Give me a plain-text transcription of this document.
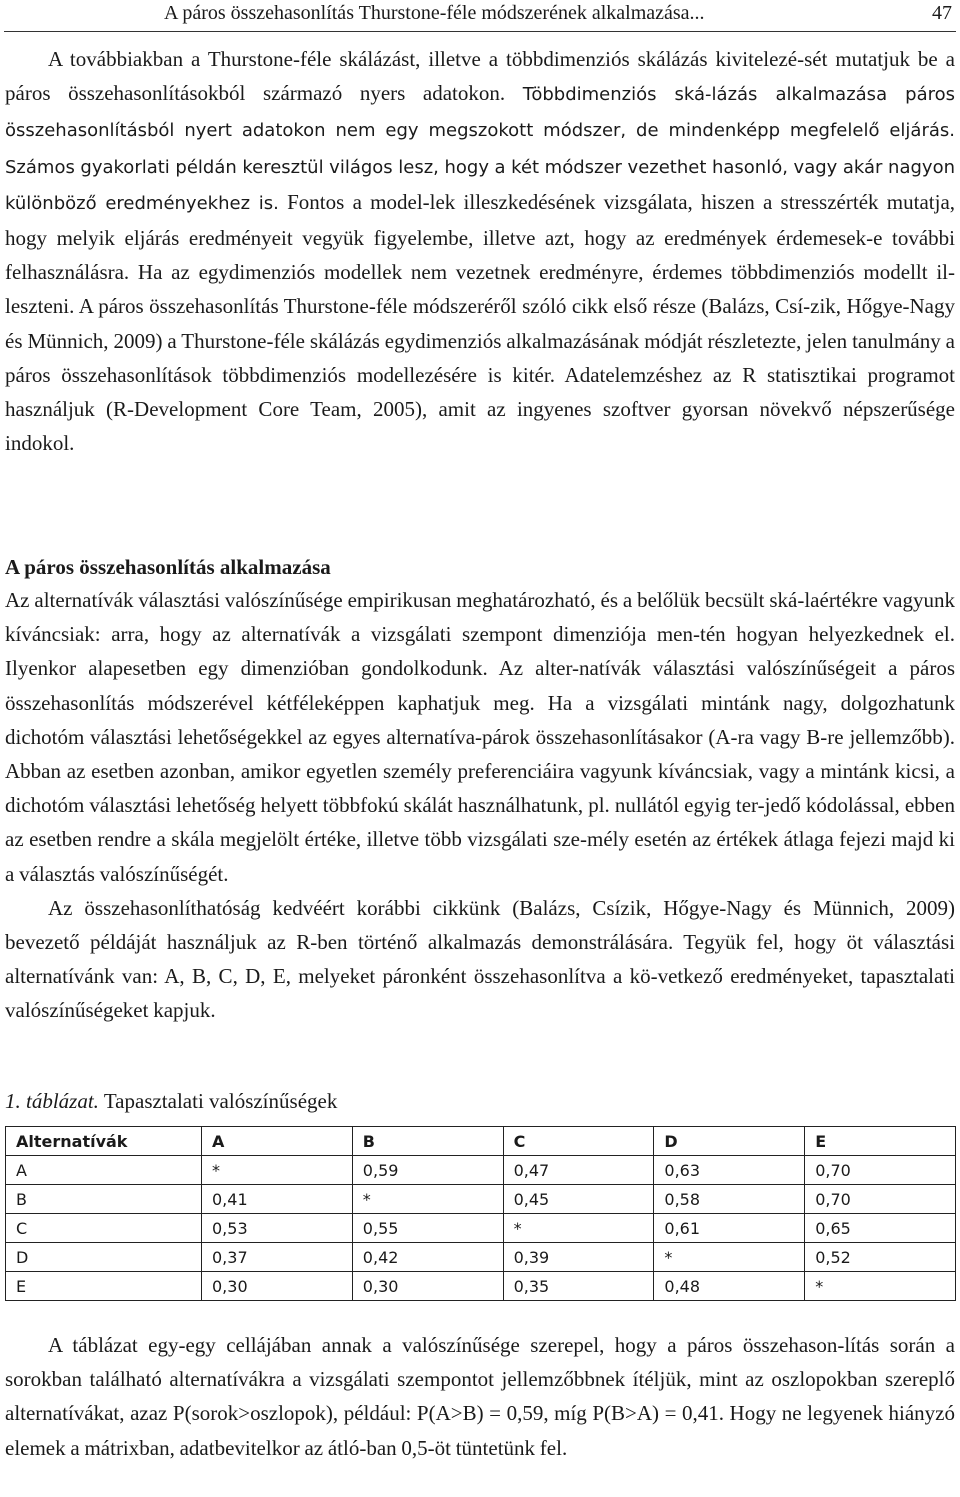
A páros összehasonlítás Thurstone-féle módszerének alkalmazása...	47

A továbbiakban a Thurstone-féle skálázást, illetve a többdimenziós skálázás kivitelezé-sét mutatjuk be a páros összehasonlításokból származó nyers adatokon. Többdimenziós ská-lázás alkalmazása páros összehasonlításból nyert adatokon nem egy megszokott módszer, de mindenképp megfelelő eljárás. Számos gyakorlati példán keresztül világos lesz, hogy a két módszer vezethet hasonló, vagy akár nagyon különböző eredményekhez is. Fontos a model-lek illeszkedésének vizsgálata, hiszen a stresszérték mutatja, hogy melyik eljárás eredményeit vegyük figyelembe, illetve azt, hogy az eredmények érdemesek-e további felhasználásra. Ha az egydimenziós modellek nem vezetnek eredményre, érdemes többdimenziós modellt il-leszteni. A páros összehasonlítás Thurstone-féle módszeréről szóló cikk első része (Balázs, Csí-zik, Hőgye-Nagy és Münnich, 2009) a Thurstone-féle skálázás egydimenziós alkalmazásának módját részletezte, jelen tanulmány a páros összehasonlítások többdimenziós modellezésére is kitér. Adatelemzéshez az R statisztikai programot használjuk (R-Development Core Team, 2005), amit az ingyenes szoftver gyorsan növekvő népszerűsége indokol.

A páros összehasonlítás alkalmazása

Az alternatívák választási valószínűsége empirikusan meghatározható, és a belőlük becsült ská-laértékre vagyunk kíváncsiak: arra, hogy az alternatívák a vizsgálati szempont dimenziója men-tén hogyan helyezkednek el. Ilyenkor alapesetben egy dimenzióban gondolkodunk. Az alter-natívák választási valószínűségeit a páros összehasonlítás módszerével kétféleképpen kaphatjuk meg. Ha a vizsgálati mintánk nagy, dolgozhatunk dichotóm választási lehetőségekkel az egyes alternatíva-párok összehasonlításakor (A-ra vagy B-re jellemzőbb). Abban az esetben azonban, amikor egyetlen személy preferenciáira vagyunk kíváncsiak, vagy a mintánk kicsi, a dichotóm választási lehetőség helyett többfokú skálát használhatunk, pl. nullától egyig ter-jedő kódolással, ebben az esetben rendre a skála megjelölt értéke, illetve több vizsgálati sze-mély esetén az értékek átlaga fejezi majd ki a választás valószínűségét.

Az összehasonlíthatóság kedvéért korábbi cikkünk (Balázs, Csízik, Hőgye-Nagy és Münnich, 2009) bevezető példáját használjuk az R-ben történő alkalmazás demonstrálására. Tegyük fel, hogy öt választási alternatívánk van: A, B, C, D, E, melyeket páronként összehasonlítva a kö-vetkező eredményeket, tapasztalati valószínűségeket kapjuk.

1. táblázat. Tapasztalati valószínűségek
Alternatívák	A	B	C	D	E
A	*	0,59	0,47	0,63	0,70
B	0,41	*	0,45	0,58	0,70
C	0,53	0,55	*	0,61	0,65
D	0,37	0,42	0,39	*	0,52
E	0,30	0,30	0,35	0,48	*

A táblázat egy-egy cellájában annak a valószínűsége szerepel, hogy a páros összehason-lítás során a sorokban található alternatívákra a vizsgálati szempontot jellemzőbbnek ítéljük, mint az oszlopokban szereplő alternatívákat, azaz P(sorok>oszlopok), például: P(A>B) = 0,59, míg P(B>A) = 0,41. Hogy ne legyenek hiányzó elemek a mátrixban, adatbevitelkor az átló-ban 0,5-öt tüntetünk fel.
